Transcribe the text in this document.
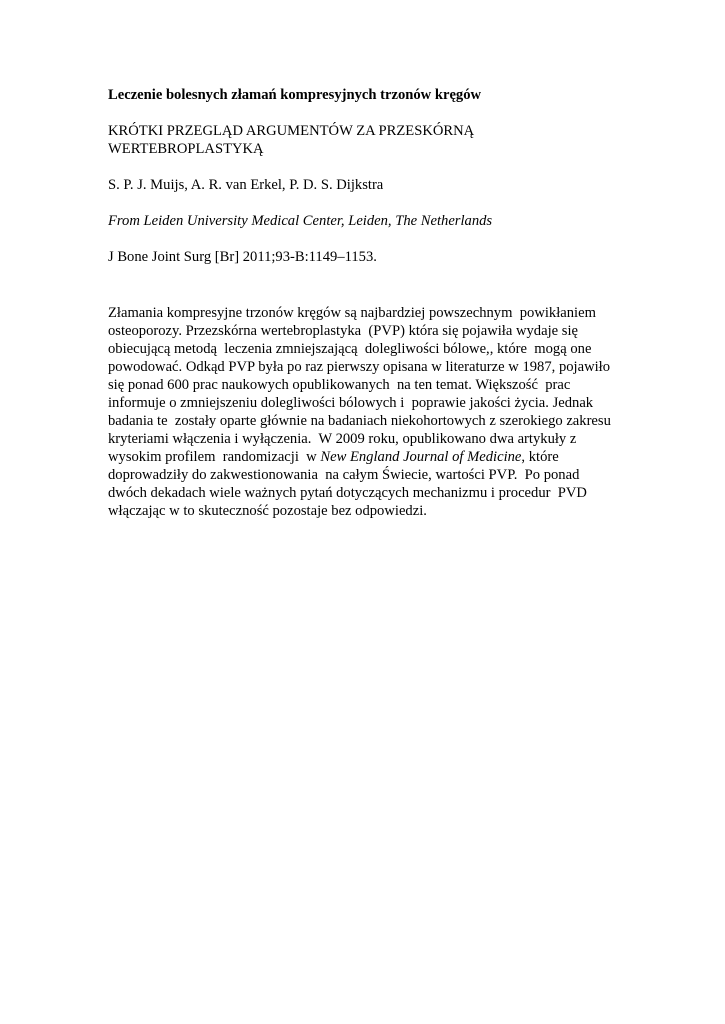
Leczenie bolesnych złamań kompresyjnych trzonów kręgów
KRÓTKI PRZEGLĄD ARGUMENTÓW ZA PRZESKÓRNĄ
WERTEBROPLASTYKĄ
S. P. J. Muijs, A. R. van Erkel, P. D. S. Dijkstra
From Leiden University Medical Center, Leiden, The Netherlands
J Bone Joint Surg [Br] 2011;93-B:1149–1153.
Złamania kompresyjne trzonów kręgów są najbardziej powszechnym  powikłaniem
osteoporozy. Przezskórna wertebroplastyka  (PVP) która się pojawiła wydaje się
obiecującą metodą  leczenia zmniejszającą  dolegliwości bólowe,, które  mogą one
powodować. Odkąd PVP była po raz pierwszy opisana w literaturze w 1987, pojawiło
się ponad 600 prac naukowych opublikowanych  na ten temat. Większość  prac
informuje o zmniejszeniu dolegliwości bólowych i  poprawie jakości życia. Jednak
badania te  zostały oparte głównie na badaniach niekohortowych z szerokiego zakresu
kryteriami włączenia i wyłączenia.  W 2009 roku, opublikowano dwa artykuły z
wysokim profilem  randomizacji  w New England Journal of Medicine, które
doprowadziły do zakwestionowania  na całym Świecie, wartości PVP.  Po ponad
dwóch dekadach wiele ważnych pytań dotyczących mechanizmu i procedur  PVD
włączając w to skuteczność pozostaje bez odpowiedzi.
